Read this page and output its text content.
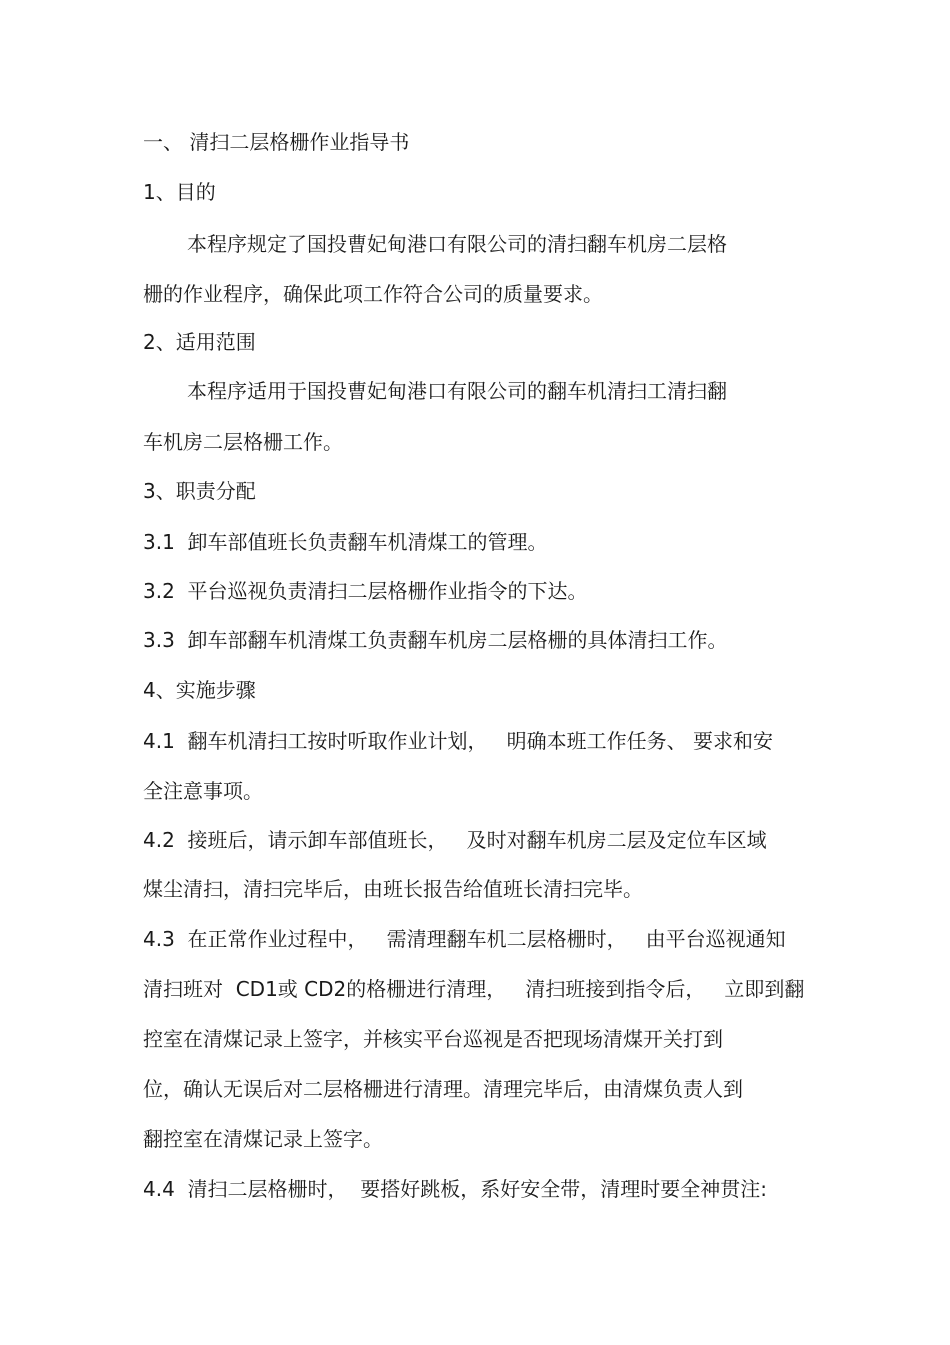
一、 清扫二层格栅作业指导书

1、目的

本程序规定了国投曹妃甸港口有限公司的清扫翻车机房二层格

栅的作业程序，确保此项工作符合公司的质量要求。

2、适用范围

本程序适用于国投曹妃甸港口有限公司的翻车机清扫工清扫翻

车机房二层格栅工作。

3、职责分配

3.1  卸车部值班长负责翻车机清煤工的管理。

3.2  平台巡视负责清扫二层格栅作业指令的下达。

3.3  卸车部翻车机清煤工负责翻车机房二层格栅的具体清扫工作。

4、实施步骤

4.1  翻车机清扫工按时听取作业计划，   明确本班工作任务、 要求和安

全注意事项。

4.2  接班后，请示卸车部值班长，   及时对翻车机房二层及定位车区域

煤尘清扫，清扫完毕后，由班长报告给值班长清扫完毕。

4.3  在正常作业过程中，   需清理翻车机二层格栅时，   由平台巡视通知

清扫班对  CD1或 CD2的格栅进行清理，   清扫班接到指令后，   立即到翻

控室在清煤记录上签字，并核实平台巡视是否把现场清煤开关打到

位，确认无误后对二层格栅进行清理。清理完毕后，由清煤负责人到

翻控室在清煤记录上签字。

4.4  清扫二层格栅时，  要搭好跳板，系好安全带，清理时要全神贯注:
